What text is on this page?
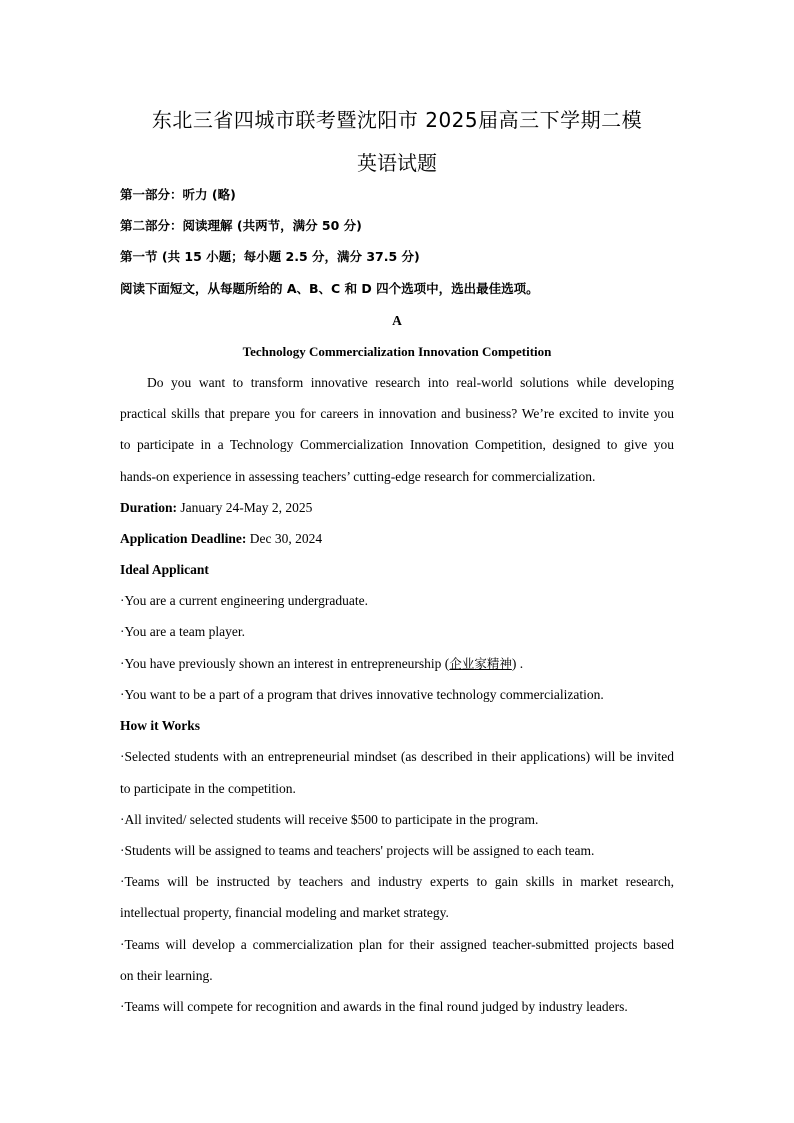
东北三省四城市联考暨沈阳市 2025届高三下学期二模
英语试题
第一部分：听力 (略)
第二部分：阅读理解 (共两节，满分 50 分)
第一节 (共 15 小题；每小题 2.5 分，满分 37.5 分)
阅读下面短文，从每题所给的 A、B、C 和 D 四个选项中，选出最佳选项。
A
Technology Commercialization Innovation Competition
Do you want to transform innovative research into real-world solutions while developing
practical skills that prepare you for careers in innovation and business? We’re excited to invite you
to participate in a Technology Commercialization Innovation Competition, designed to give you
hands-on experience in assessing teachers’ cutting-edge research for commercialization.
Duration: January 24-May 2, 2025
Application Deadline: Dec 30, 2024
Ideal Applicant
·You are a current engineering undergraduate.
·You are a team player.
·You have previously shown an interest in entrepreneurship (企业家精神) .
·You want to be a part of a program that drives innovative technology commercialization.
How it Works
·Selected students with an entrepreneurial mindset (as described in their applications) will be invited
to participate in the competition.
·All invited/ selected students will receive $500 to participate in the program.
·Students will be assigned to teams and teachers' projects will be assigned to each team.
·Teams will be instructed by teachers and industry experts to gain skills in market research,
intellectual property, financial modeling and market strategy.
·Teams will develop a commercialization plan for their assigned teacher-submitted projects based
on their learning.
·Teams will compete for recognition and awards in the final round judged by industry leaders.
